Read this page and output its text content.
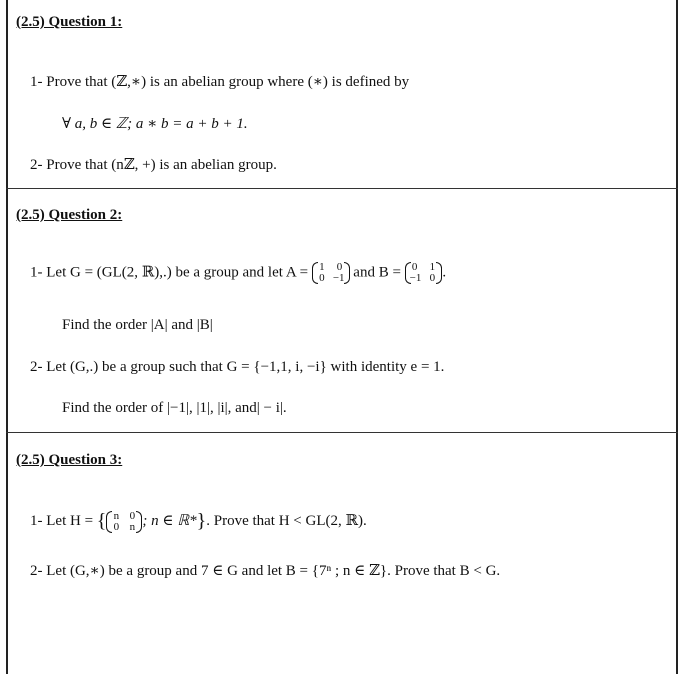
(2.5) Question 1:
1- Prove that (ℤ,∗) is an abelian group where (∗) is defined by
∀ a, b ∈ ℤ; a ∗ b = a + b + 1.
2- Prove that (nℤ, +) is an abelian group.
(2.5) Question 2:
1- Let G = (GL(2, ℝ),.) be a group and let A = 1 0
0 −1 and B = 0 1
−1 0 .
Find the order |A| and |B|
2- Let (G,.) be a group such that G = {−1,1, i, −i} with identity e = 1.
Find the order of |−1|, |1|, |i|, and| − i|.
(2.5) Question 3:
1- Let H = { n 0
0 n ; n ∈ ℝ*}. Prove that H < GL(2, ℝ).
2- Let (G,∗) be a group and 7 ∈ G and let B = {7ⁿ ; n ∈ ℤ}. Prove that B < G.
